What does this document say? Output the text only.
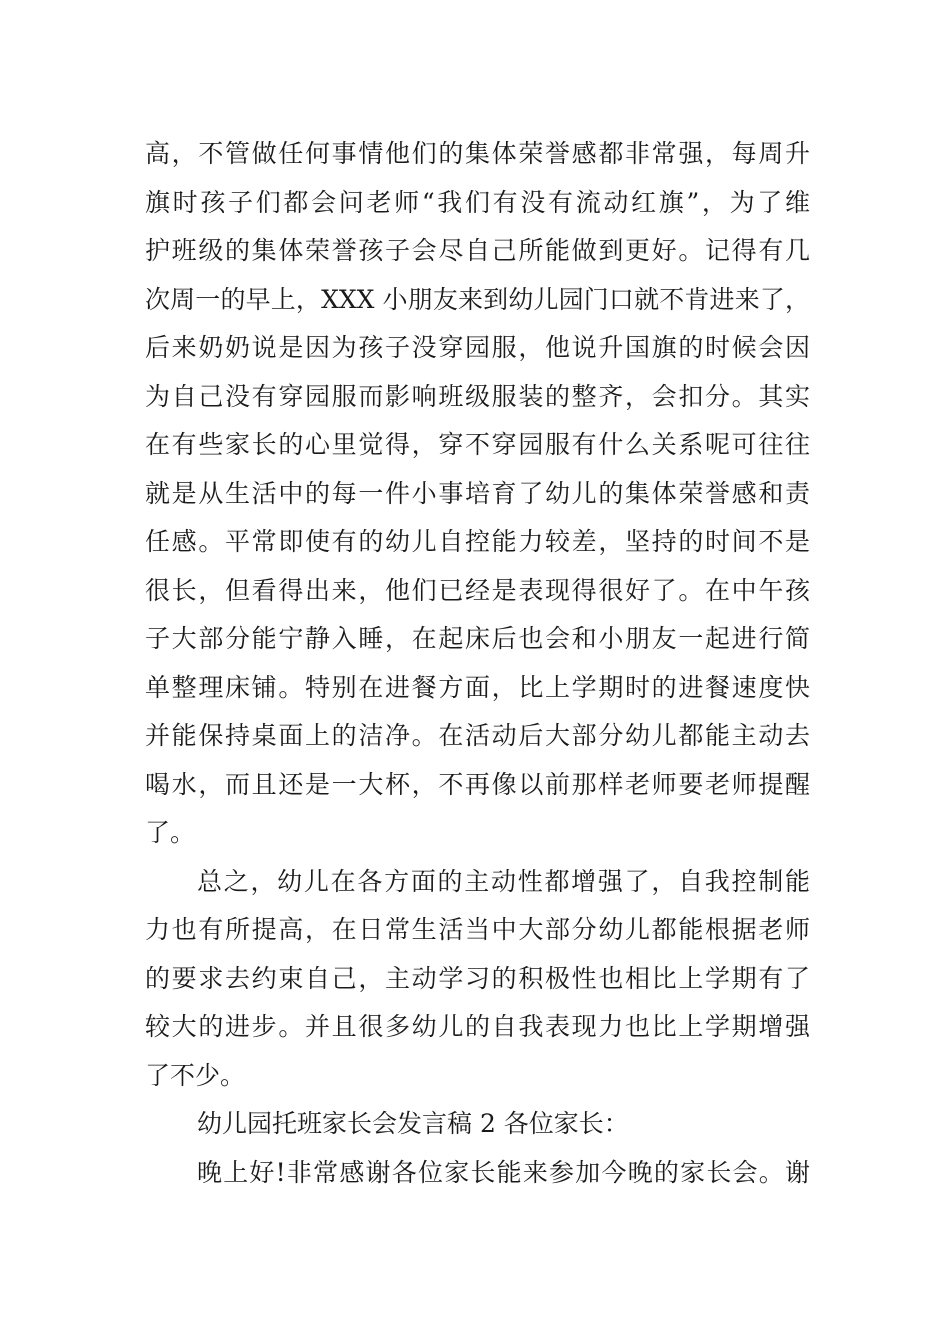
高，不管做任何事情他们的集体荣誉感都非常强，每周升
旗时孩子们都会问老师“我们有没有流动红旗”，为了维
护班级的集体荣誉孩子会尽自己所能做到更好。记得有几
次周一的早上，XXX 小朋友来到幼儿园门口就不肯进来了，
后来奶奶说是因为孩子没穿园服，他说升国旗的时候会因
为自己没有穿园服而影响班级服装的整齐，会扣分。其实
在有些家长的心里觉得，穿不穿园服有什么关系呢可往往
就是从生活中的每一件小事培育了幼儿的集体荣誉感和责
任感。平常即使有的幼儿自控能力较差，坚持的时间不是
很长，但看得出来，他们已经是表现得很好了。在中午孩
子大部分能宁静入睡，在起床后也会和小朋友一起进行简
单整理床铺。特别在进餐方面，比上学期时的进餐速度快
并能保持桌面上的洁净。在活动后大部分幼儿都能主动去
喝水，而且还是一大杯，不再像以前那样老师要老师提醒
了。
总之，幼儿在各方面的主动性都增强了，自我控制能
力也有所提高，在日常生活当中大部分幼儿都能根据老师
的要求去约束自己，主动学习的积极性也相比上学期有了
较大的进步。并且很多幼儿的自我表现力也比上学期增强
了不少。
幼儿园托班家长会发言稿 2 各位家长：
晚上好!非常感谢各位家长能来参加今晚的家长会。谢
